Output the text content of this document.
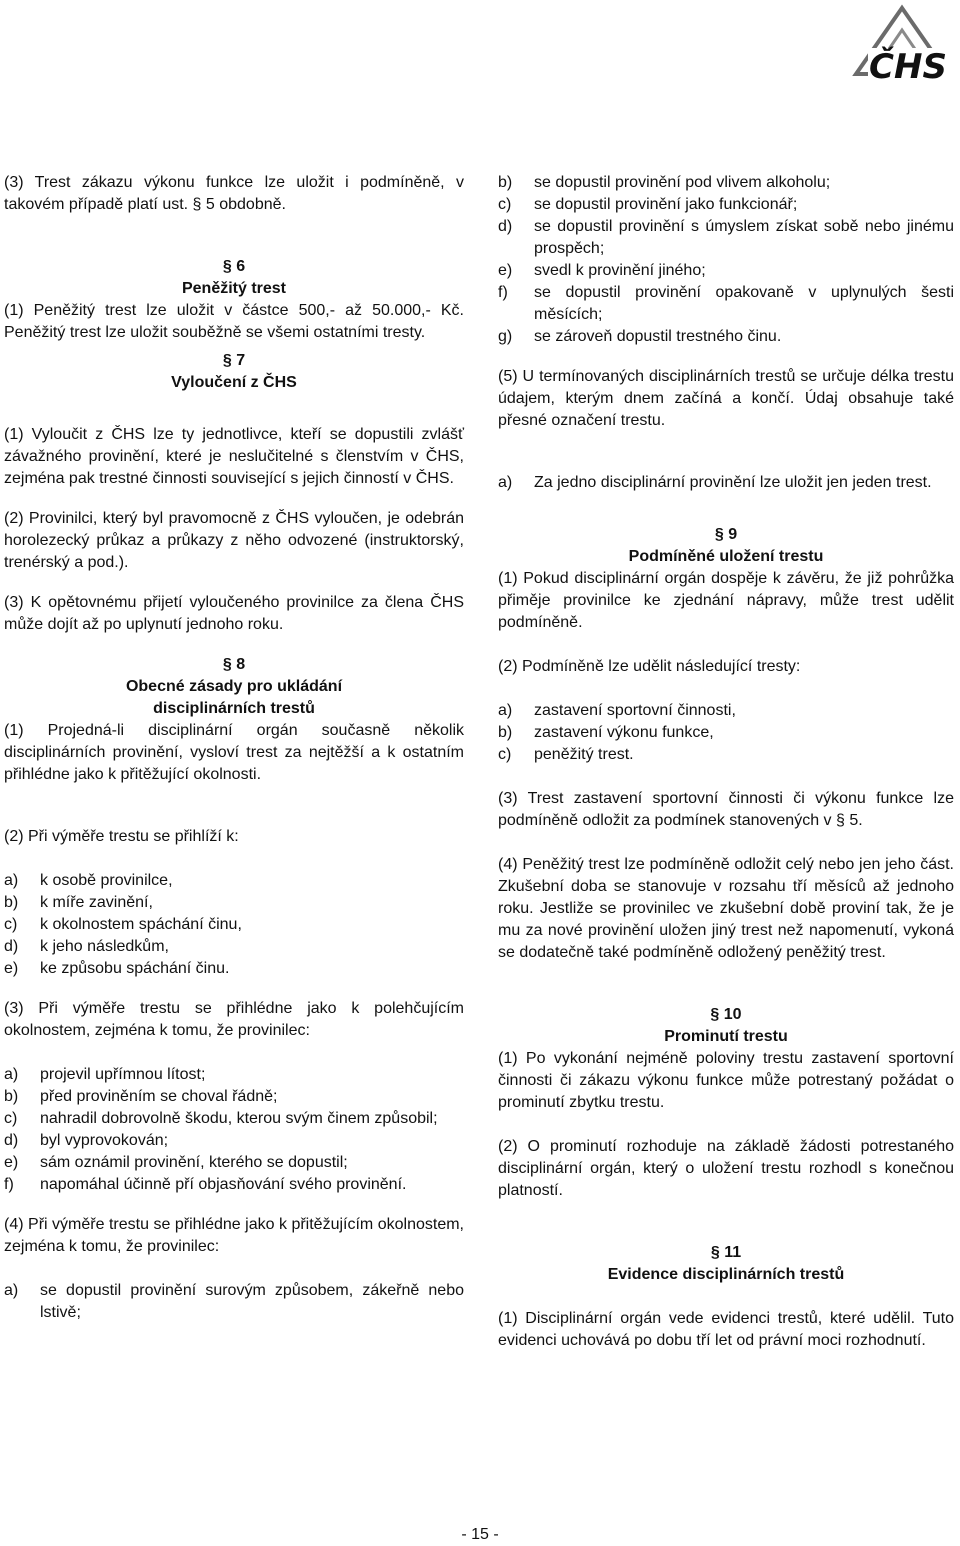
ČHS

(3) Trest zákazu výkonu funkce lze uložit i podmíněně, v takovém případě platí ust. § 5 obdobně.

§ 6

Peněžitý trest

(1) Peněžitý trest lze uložit v částce 500,- až 50.000,- Kč. Peněžitý trest lze uložit souběžně se všemi ostatními tresty.

§ 7

Vyloučení z ČHS

(1) Vyloučit z ČHS lze ty jednotlivce, kteří se dopustili zvlášť závažného provinění, které je neslučitelné s členstvím v ČHS, zejména pak trestné činnosti související s jejich činností v ČHS.

(2) Provinilci, který byl pravomocně z ČHS vyloučen, je odebrán horolezecký průkaz a průkazy z něho odvozené (instruktorský, trenérský a pod.).

(3) K opětovnému přijetí vyloučeného provinilce za člena ČHS může dojít až po uplynutí jednoho roku.

§ 8

Obecné zásady pro ukládání

disciplinárních trestů

(1) Projedná-li disciplinární orgán současně několik disciplinárních provinění, vysloví trest za nejtěžší a k ostatním přihlédne jako k přitěžující okolnosti.

(2) Při výměře trestu se přihlíží k:

a)	k osobě provinilce,
b)	k míře zavinění,
c)	k okolnostem spáchání činu,
d)	k jeho následkům,
e)	ke způsobu spáchání činu.

(3) Při výměře trestu se přihlédne jako k polehčujícím okolnostem, zejména k tomu, že provinilec:

a)	projevil upřímnou lítost;
b)	před proviněním se choval řádně;
c)	nahradil dobrovolně škodu, kterou svým činem způsobil;
d)	byl vyprovokován;
e)	sám oznámil provinění, kterého se dopustil;
f)	napomáhal účinně pří objasňování svého provinění.

(4) Při výměře trestu se přihlédne jako k přitěžujícím okolnostem, zejména k tomu, že provinilec:

a)	se dopustil provinění surovým způsobem, zákeřně nebo lstivě;
b)	se dopustil provinění pod vlivem alkoholu;
c)	se dopustil provinění jako funkcionář;
d)	se dopustil provinění s úmyslem získat sobě nebo jinému prospěch;
e)	svedl k provinění jiného;
f)	se dopustil provinění opakovaně v uplynulých šesti měsících;
g)	se zároveň dopustil trestného činu.

(5) U termínovaných disciplinárních trestů se určuje délka trestu údajem, kterým dnem začíná a končí. Údaj obsahuje také přesné označení trestu.

a)	Za jedno disciplinární provinění lze uložit jen jeden trest.

§ 9

Podmíněné uložení trestu

(1) Pokud disciplinární orgán dospěje k závěru, že již pohrůžka přiměje provinilce ke zjednání nápravy, může trest udělit podmíněně.

(2) Podmíněně lze udělit následující tresty:

a)	zastavení sportovní činnosti,
b)	zastavení výkonu funkce,
c)	peněžitý trest.

(3) Trest zastavení sportovní činnosti či výkonu funkce lze podmíněně odložit za podmínek stanovených v § 5.

(4) Peněžitý trest lze podmíněně odložit celý nebo jen jeho část. Zkušební doba se stanovuje v rozsahu tří měsíců až jednoho roku. Jestliže se provinilec ve zkušební době proviní tak, že je mu za nové provinění uložen jiný trest než napomenutí, vykoná se dodatečně také podmíněně odložený peněžitý trest.

§ 10

Prominutí trestu

(1) Po vykonání nejméně poloviny trestu zastavení sportovní činnosti či zákazu výkonu funkce může potrestaný požádat o prominutí zbytku trestu.

(2) O prominutí rozhoduje na základě žádosti potrestaného disciplinární orgán, který o uložení trestu rozhodl s konečnou platností.

§ 11

Evidence disciplinárních trestů

(1) Disciplinární orgán vede evidenci trestů, které udělil. Tuto evidenci uchovává po dobu tří let od právní moci rozhodnutí.

- 15 -
